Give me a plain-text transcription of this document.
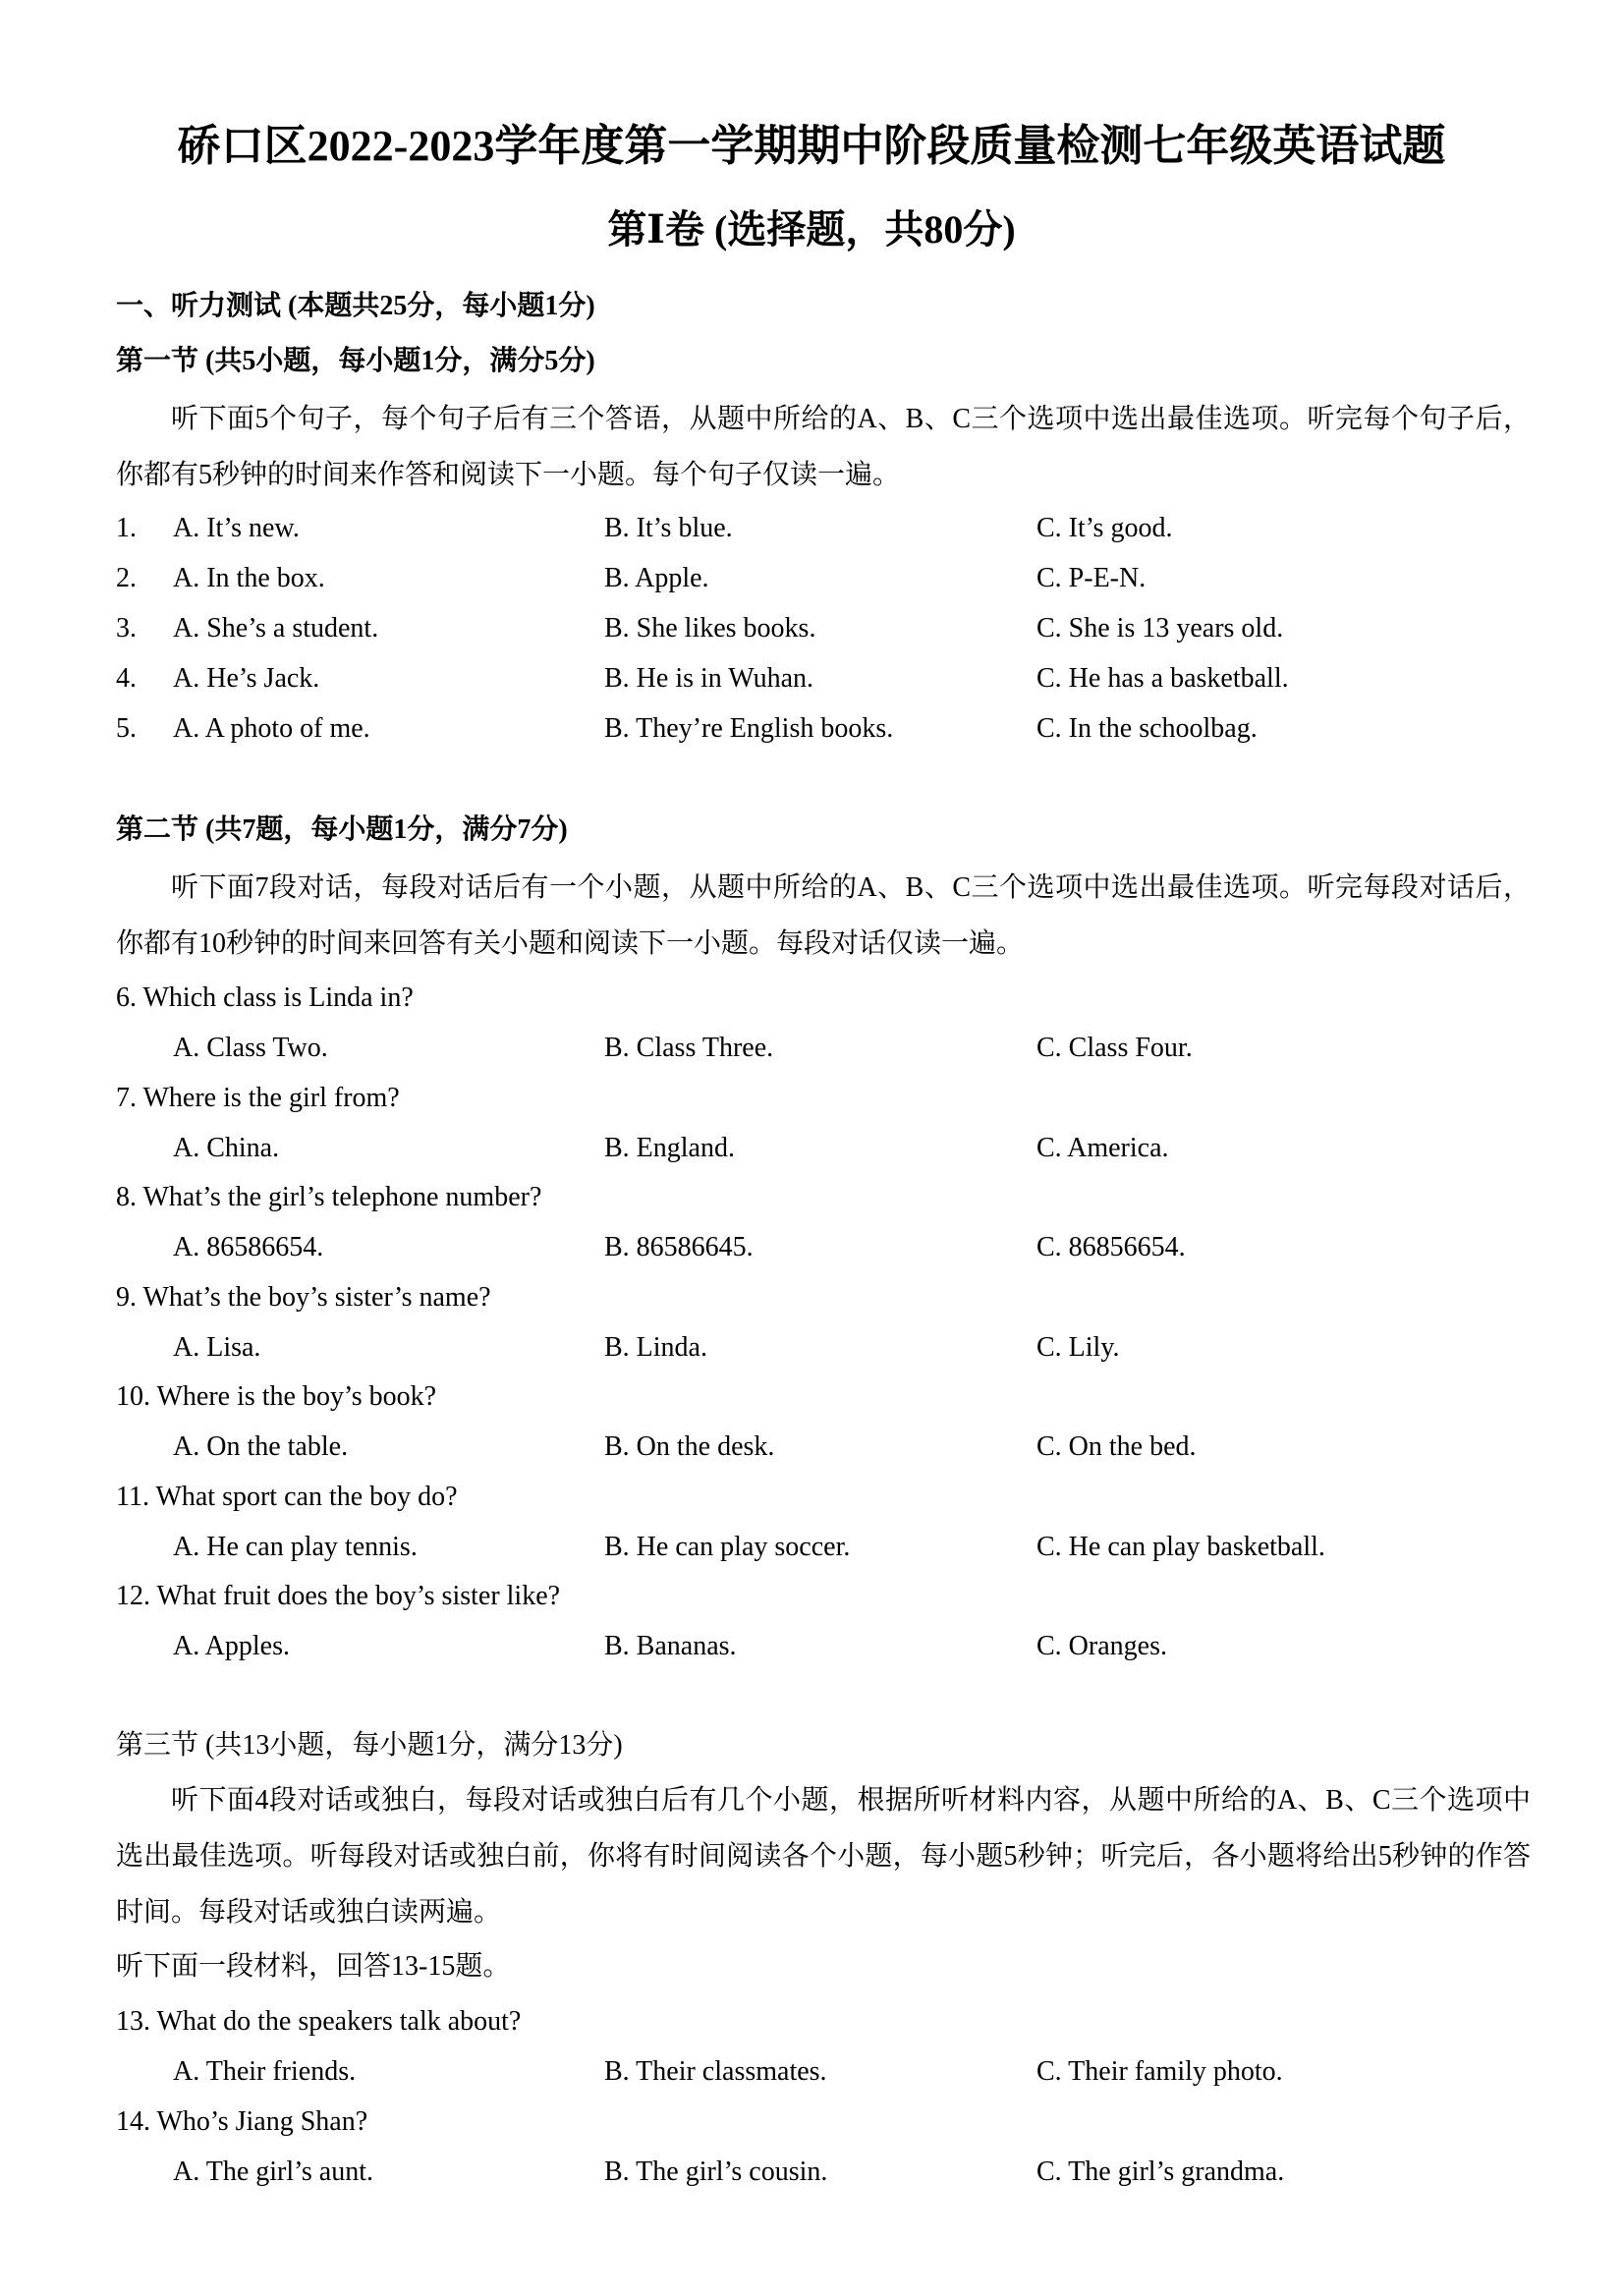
硚口区2022-2023学年度第一学期期中阶段质量检测七年级英语试题
第Ⅰ卷 (选择题，共80分)
一、听力测试 (本题共25分，每小题1分)
第一节 (共5小题，每小题1分，满分5分)
听下面5个句子，每个句子后有三个答语，从题中所给的A、B、C三个选项中选出最佳选项。听完每个句子后，你都有5秒钟的时间来作答和阅读下一小题。每个句子仅读一遍。
1. A. It’s new.	B. It’s blue.	C. It’s good.
2. A. In the box.	B. Apple.	C. P-E-N.
3. A. She’s a student.	B. She likes books.	C. She is 13 years old.
4. A. He’s Jack.	B. He is in Wuhan.	C. He has a basketball.
5. A. A photo of me.	B. They’re English books.	C. In the schoolbag.
第二节 (共7题，每小题1分，满分7分)
听下面7段对话，每段对话后有一个小题，从题中所给的A、B、C三个选项中选出最佳选项。听完每段对话后，你都有10秒钟的时间来回答有关小题和阅读下一小题。每段对话仅读一遍。
6. Which class is Linda in?
A. Class Two.	B. Class Three.	C. Class Four.
7. Where is the girl from?
A. China.	B. England.	C. America.
8. What’s the girl’s telephone number?
A. 86586654.	B. 86586645.	C. 86856654.
9. What’s the boy’s sister’s name?
A. Lisa.	B. Linda.	C. Lily.
10. Where is the boy’s book?
A. On the table.	B. On the desk.	C. On the bed.
11. What sport can the boy do?
A. He can play tennis.	B. He can play soccer.	C. He can play basketball.
12. What fruit does the boy’s sister like?
A. Apples.	B. Bananas.	C. Oranges.
第三节 (共13小题，每小题1分，满分13分)
听下面4段对话或独白，每段对话或独白后有几个小题，根据所听材料内容，从题中所给的A、B、C三个选项中选出最佳选项。听每段对话或独白前，你将有时间阅读各个小题，每小题5秒钟；听完后，各小题将给出5秒钟的作答时间。每段对话或独白读两遍。
听下面一段材料，回答13-15题。
13. What do the speakers talk about?
A. Their friends.	B. Their classmates.	C. Their family photo.
14. Who’s Jiang Shan?
A. The girl’s aunt.	B. The girl’s cousin.	C. The girl’s grandma.
